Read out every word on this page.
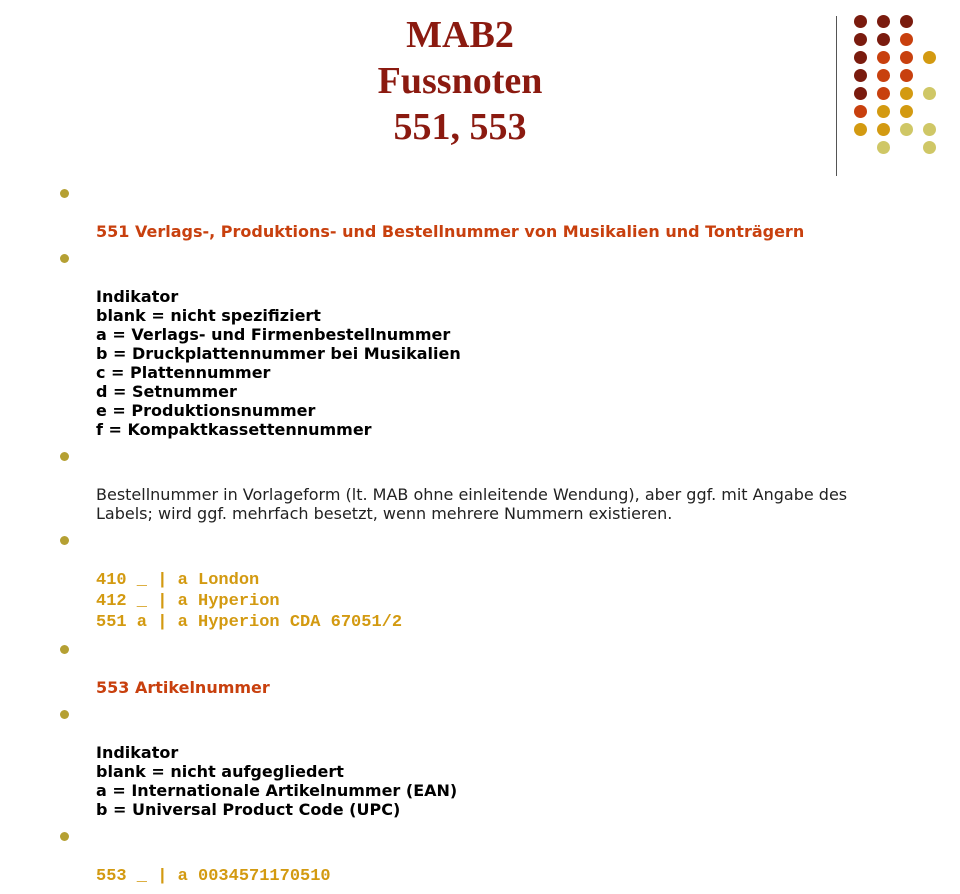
MAB2
Fussnoten
551, 553

551 Verlags-, Produktions- und Bestellnummer von Musikalien und Tonträgern

Indikator
blank = nicht spezifiziert
a = Verlags- und Firmenbestellnummer
b = Druckplattennummer bei Musikalien
c = Plattennummer
d = Setnummer
e = Produktionsnummer
f = Kompaktkassettennummer

Bestellnummer in Vorlageform (lt. MAB ohne einleitende Wendung), aber ggf. mit Angabe des Labels; wird ggf. mehrfach besetzt, wenn mehrere Nummern existieren.

410 _ | a London
412 _ | a Hyperion
551 a | a Hyperion CDA 67051/2

553 Artikelnummer

Indikator
blank = nicht aufgegliedert
a = Internationale Artikelnummer (EAN)
b = Universal Product Code (UPC)

553 _ | a 0034571170510
